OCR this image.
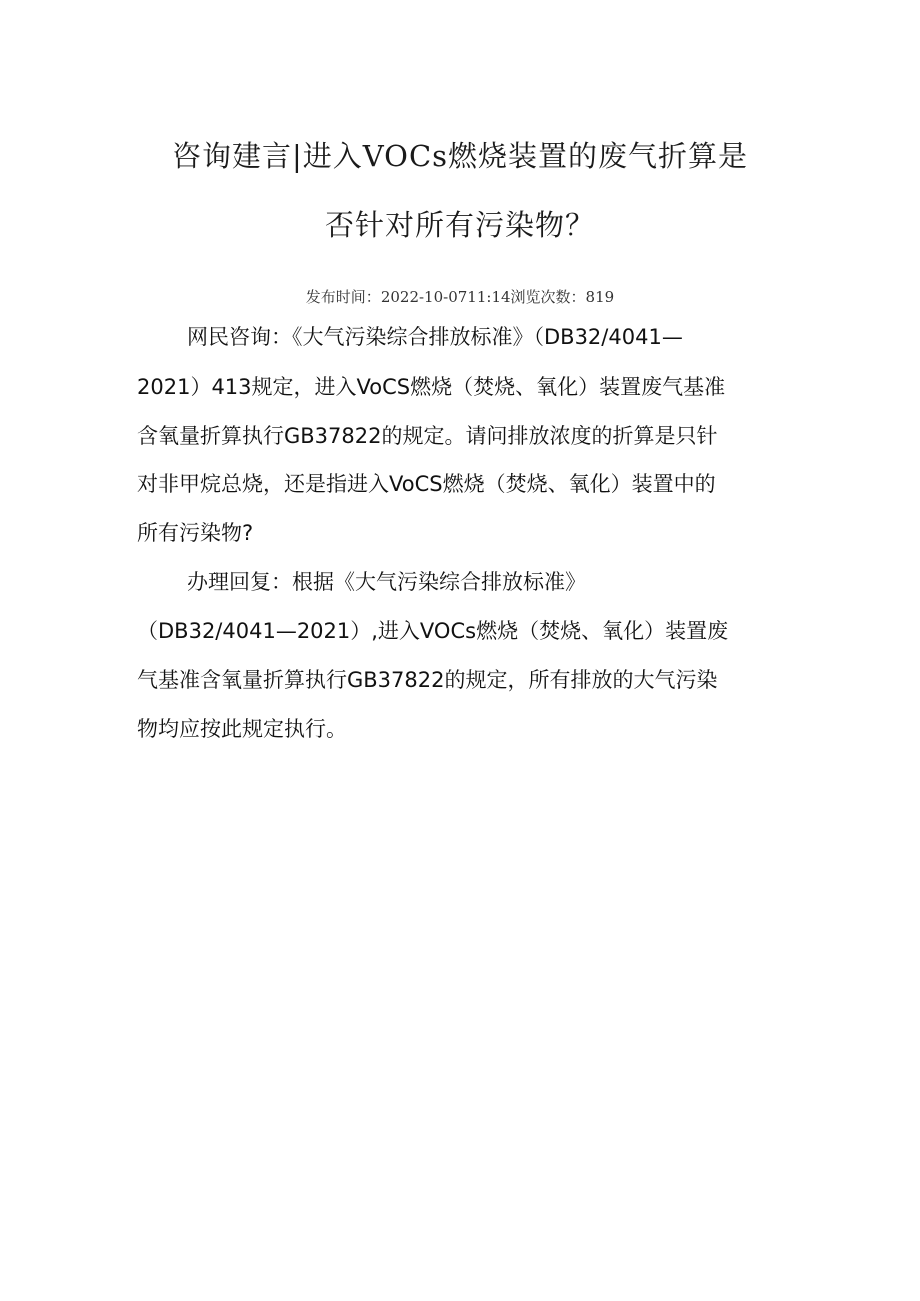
咨询建言|进入VOCs燃烧装置的废气折算是
否针对所有污染物？
发布时间：2022-10-0711:14浏览次数：819
网民咨询：《大气污染综合排放标准》（DB32/4041—
2021）413规定，进入VoCS燃烧（焚烧、氧化）装置废气基准
含氧量折算执行GB37822的规定。请问排放浓度的折算是只针
对非甲烷总烧，还是指进入VoCS燃烧（焚烧、氧化）装置中的
所有污染物?
办理回复：根据《大气污染综合排放标准》
（DB32/4041—2021）,进入VOCs燃烧（焚烧、氧化）装置废
气基准含氧量折算执行GB37822的规定，所有排放的大气污染
物均应按此规定执行。
